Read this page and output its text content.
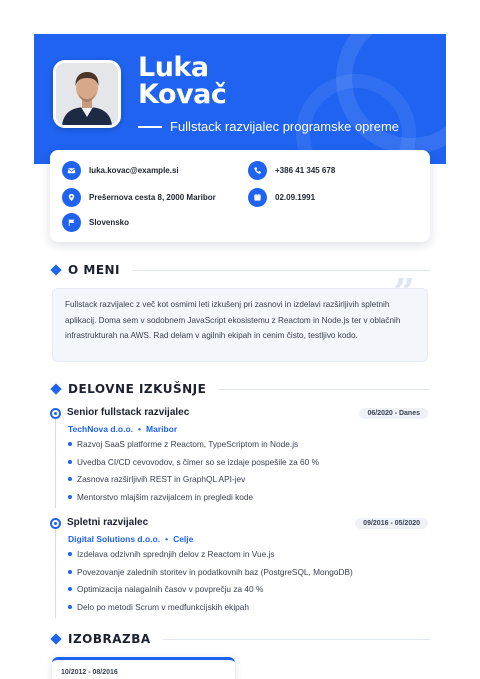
Luka
Kovač
Fullstack razvijalec programske opreme
luka.kovac@example.si	+386 41 345 678
Prešernova cesta 8, 2000 Maribor	02.09.1991
Slovensko
O MENI	”
Fullstack razvijalec z več kot osmimi leti izkušenj pri zasnovi in izdelavi razširljivih spletnih aplikacij. Doma sem v sodobnem JavaScript ekosistemu z Reactom in Node.js ter v oblačnih infrastrukturah na AWS. Rad delam v agilnih ekipah in cenim čisto, testljivo kodo.
DELOVNE IZKUŠNJE
Senior fullstack razvijalec	06/2020 - Danes
TechNova d.o.o. • Maribor
Razvoj SaaS platforme z Reactom, TypeScriptom in Node.js
Uvedba CI/CD cevovodov, s čimer so se izdaje pospešile za 60 %
Zasnova razširljivih REST in GraphQL API-jev
Mentorstvo mlajšim razvijalcem in pregledi kode
Spletni razvijalec	09/2016 - 05/2020
Digital Solutions d.o.o. • Celje
Izdelava odzivnih sprednjih delov z Reactom in Vue.js
Povezovanje zalednih storitev in podatkovnih baz (PostgreSQL, MongoDB)
Optimizacija nalagalnih časov v povprečju za 40 %
Delo po metodi Scrum v medfunkcijskih ekipah
IZOBRAZBA
10/2012 - 08/2016
